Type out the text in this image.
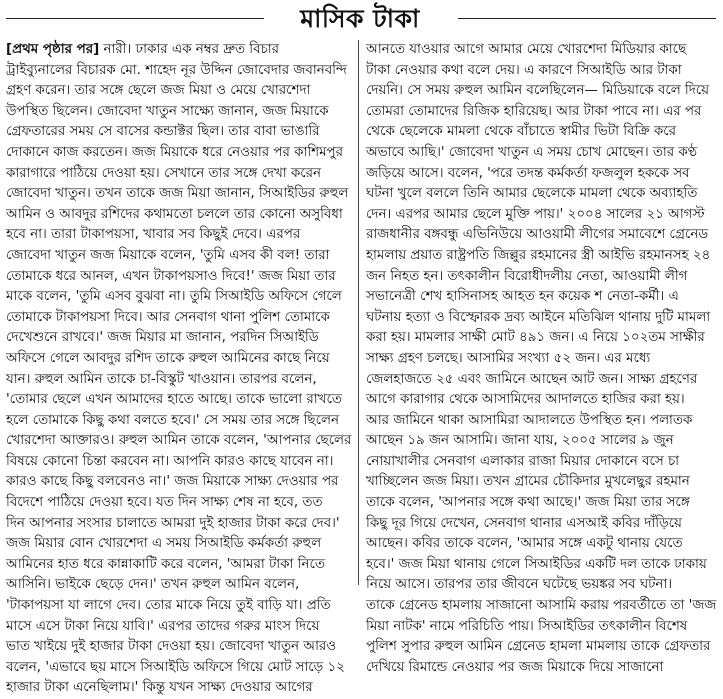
মাসিক টাকা
[প্রথম পৃষ্ঠার পর] নারী। ঢাকার এক নম্বর দ্রুত বিচার
ট্রাইব্যুনালের বিচারক মো. শাহেদ নূর উদ্দিন জোবেদার জবানবন্দি
গ্রহণ করেন। তার সঙ্গে ছেলে জজ মিয়া ও মেয়ে খোরশেদা
উপস্থিত ছিলেন। জোবেদা খাতুন সাক্ষ্যে জানান, জজ মিয়াকে
গ্রেফতারের সময় সে বাসের কন্ডাক্টর ছিল। তার বাবা ভাঙারি
দোকানে কাজ করতেন। জজ মিয়াকে ধরে নেওয়ার পর কাশিমপুর
কারাগারে পাঠিয়ে দেওয়া হয়। সেখানে তার সঙ্গে দেখা করেন
জোবেদা খাতুন। তখন তাকে জজ মিয়া জানান, সিআইডির রুহুল
আমিন ও আবদুর রশিদের কথামতো চললে তার কোনো অসুবিধা
হবে না। তারা টাকাপয়সা, খাবার সব কিছুই দেবে। এরপর
জোবেদা খাতুন জজ মিয়াকে বলেন, 'তুমি এসব কী বল! তারা
তোমাকে ধরে আনল, এখন টাকাপয়সাও দিবে!' জজ মিয়া তার
মাকে বলেন, 'তুমি এসব বুঝবা না। তুমি সিআইডি অফিসে গেলে
তোমাকে টাকাপয়সা দিবে। আর সেনবাগ থানা পুলিশ তোমাকে
দেখেশুনে রাখবে।' জজ মিয়ার মা জানান, পরদিন সিআইডি
অফিসে গেলে আবদুর রশিদ তাকে রুহুল আমিনের কাছে নিয়ে
যান। রুহুল আমিন তাকে চা-বিস্কুট খাওয়ান। তারপর বলেন,
'তোমার ছেলে এখন আমাদের হাতে আছে। তাকে ভালো রাখতে
হলে তোমাকে কিছু কথা বলতে হবে।' সে সময় তার সঙ্গে ছিলেন
খোরশেদা আক্তারও। রুহুল আমিন তাকে বলেন, 'আপনার ছেলের
বিষয়ে কোনো চিন্তা করবেন না। আপনি কারও কাছে যাবেন না।
কারও কাছে কিছু বলবেনও না।' জজ মিয়াকে সাক্ষ্য দেওয়ার পর
বিদেশে পাঠিয়ে দেওয়া হবে। যত দিন সাক্ষ্য শেষ না হবে, তত
দিন আপনার সংসার চালাতে আমরা দুই হাজার টাকা করে দেব।'
জজ মিয়ার বোন খোরশেদা এ সময় সিআইডি কর্মকর্তা রুহুল
আমিনের হাত ধরে কান্নাকাটি করে বলেন, 'আমরা টাকা নিতে
আসিনি। ভাইকে ছেড়ে দেন।' তখন রুহুল আমিন বলেন,
'টাকাপয়সা যা লাগে দেব। তোর মাকে নিয়ে তুই বাড়ি যা। প্রতি
মাসে এসে টাকা নিয়ে যাবি।' এরপর তাদের গরুর মাংস দিয়ে
ভাত খাইয়ে দুই হাজার টাকা দেওয়া হয়। জোবেদা খাতুন আরও
বলেন, 'এভাবে ছয় মাসে সিআইডি অফিসে গিয়ে মোট সাড়ে ১২
হাজার টাকা এনেছিলাম।' কিন্তু যখন সাক্ষ্য দেওয়ার আগের
আনতে যাওয়ার আগে আমার মেয়ে খোরশেদা মিডিয়ার কাছে
টাকা নেওয়ার কথা বলে দেয়। এ কারণে সিআইডি আর টাকা
দেয়নি। সে সময় রুহুল আমিন বলেছিলেন— মিডিয়াকে বলে দিয়ে
তোমরা তোমাদের রিজিক হারিয়েছ। আর টাকা পাবে না। এর পর
থেকে ছেলেকে মামলা থেকে বাঁচাতে স্বামীর ভিটা বিক্রি করে
অভাবে আছি।' জোবেদা খাতুন এ সময় চোখ মোছেন। তার কণ্ঠ
জড়িয়ে আসে। বলেন, 'পরে তদন্ত কর্মকর্তা ফজলুল হককে সব
ঘটনা খুলে বললে তিনি আমার ছেলেকে মামলা থেকে অব্যাহতি
দেন। এরপর আমার ছেলে মুক্তি পায়।' ২০০৪ সালের ২১ আগস্ট
রাজধানীর বঙ্গবন্ধু এভিনিউয়ে আওয়ামী লীগের সমাবেশে গ্রেনেড
হামলায় প্রয়াত রাষ্ট্রপতি জিল্লুর রহমানের স্ত্রী আইভি রহমানসহ ২৪
জন নিহত হন। তৎকালীন বিরোধীদলীয় নেতা, আওয়ামী লীগ
সভানেত্রী শেখ হাসিনাসহ আহত হন কয়েক শ নেতা-কর্মী। এ
ঘটনায় হত্যা ও বিস্ফোরক দ্রব্য আইনে মতিঝিল থানায় দুটি মামলা
করা হয়। মামলার সাক্ষী মোট ৪৯১ জন। এ নিয়ে ১০২তম সাক্ষীর
সাক্ষ্য গ্রহণ চলছে। আসামির সংখ্যা ৫২ জন। এর মধ্যে
জেলহাজতে ২৫ এবং জামিনে আছেন আট জন। সাক্ষ্য গ্রহণের
আগে কারাগার থেকে আসামিদের আদালতে হাজির করা হয়।
আর জামিনে থাকা আসামিরা আদালতে উপস্থিত হন। পলাতক
আছেন ১৯ জন আসামি। জানা যায়, ২০০৫ সালের ৯ জুন
নোয়াখালীর সেনবাগ এলাকার রাজা মিয়ার দোকানে বসে চা
খাচ্ছিলেন জজ মিয়া। তখন গ্রামের চৌকিদার মুখলেছুর রহমান
তাকে বলেন, 'আপনার সঙ্গে কথা আছে।' জজ মিয়া তার সঙ্গে
কিছু দূর গিয়ে দেখেন, সেনবাগ থানার এসআই কবির দাঁড়িয়ে
আছেন। কবির তাকে বলেন, 'আমার সঙ্গে একটু থানায় যেতে
হবে।' জজ মিয়া থানায় গেলে সিআইডির একটি দল তাকে ঢাকায়
নিয়ে আসে। তারপর তার জীবনে ঘটেছে ভয়ঙ্কর সব ঘটনা।
তাকে গ্রেনেড হামলায় সাজানো আসামি করায় পরবর্তীতে তা 'জজ
মিয়া নাটক' নামে পরিচিতি পায়। সিআইডির তৎকালীন বিশেষ
পুলিশ সুপার রুহুল আমিন গ্রেনেড হামলা মামলায় তাকে গ্রেফতার
দেখিয়ে রিমান্ডে নেওয়ার পর জজ মিয়াকে দিয়ে সাজানো
